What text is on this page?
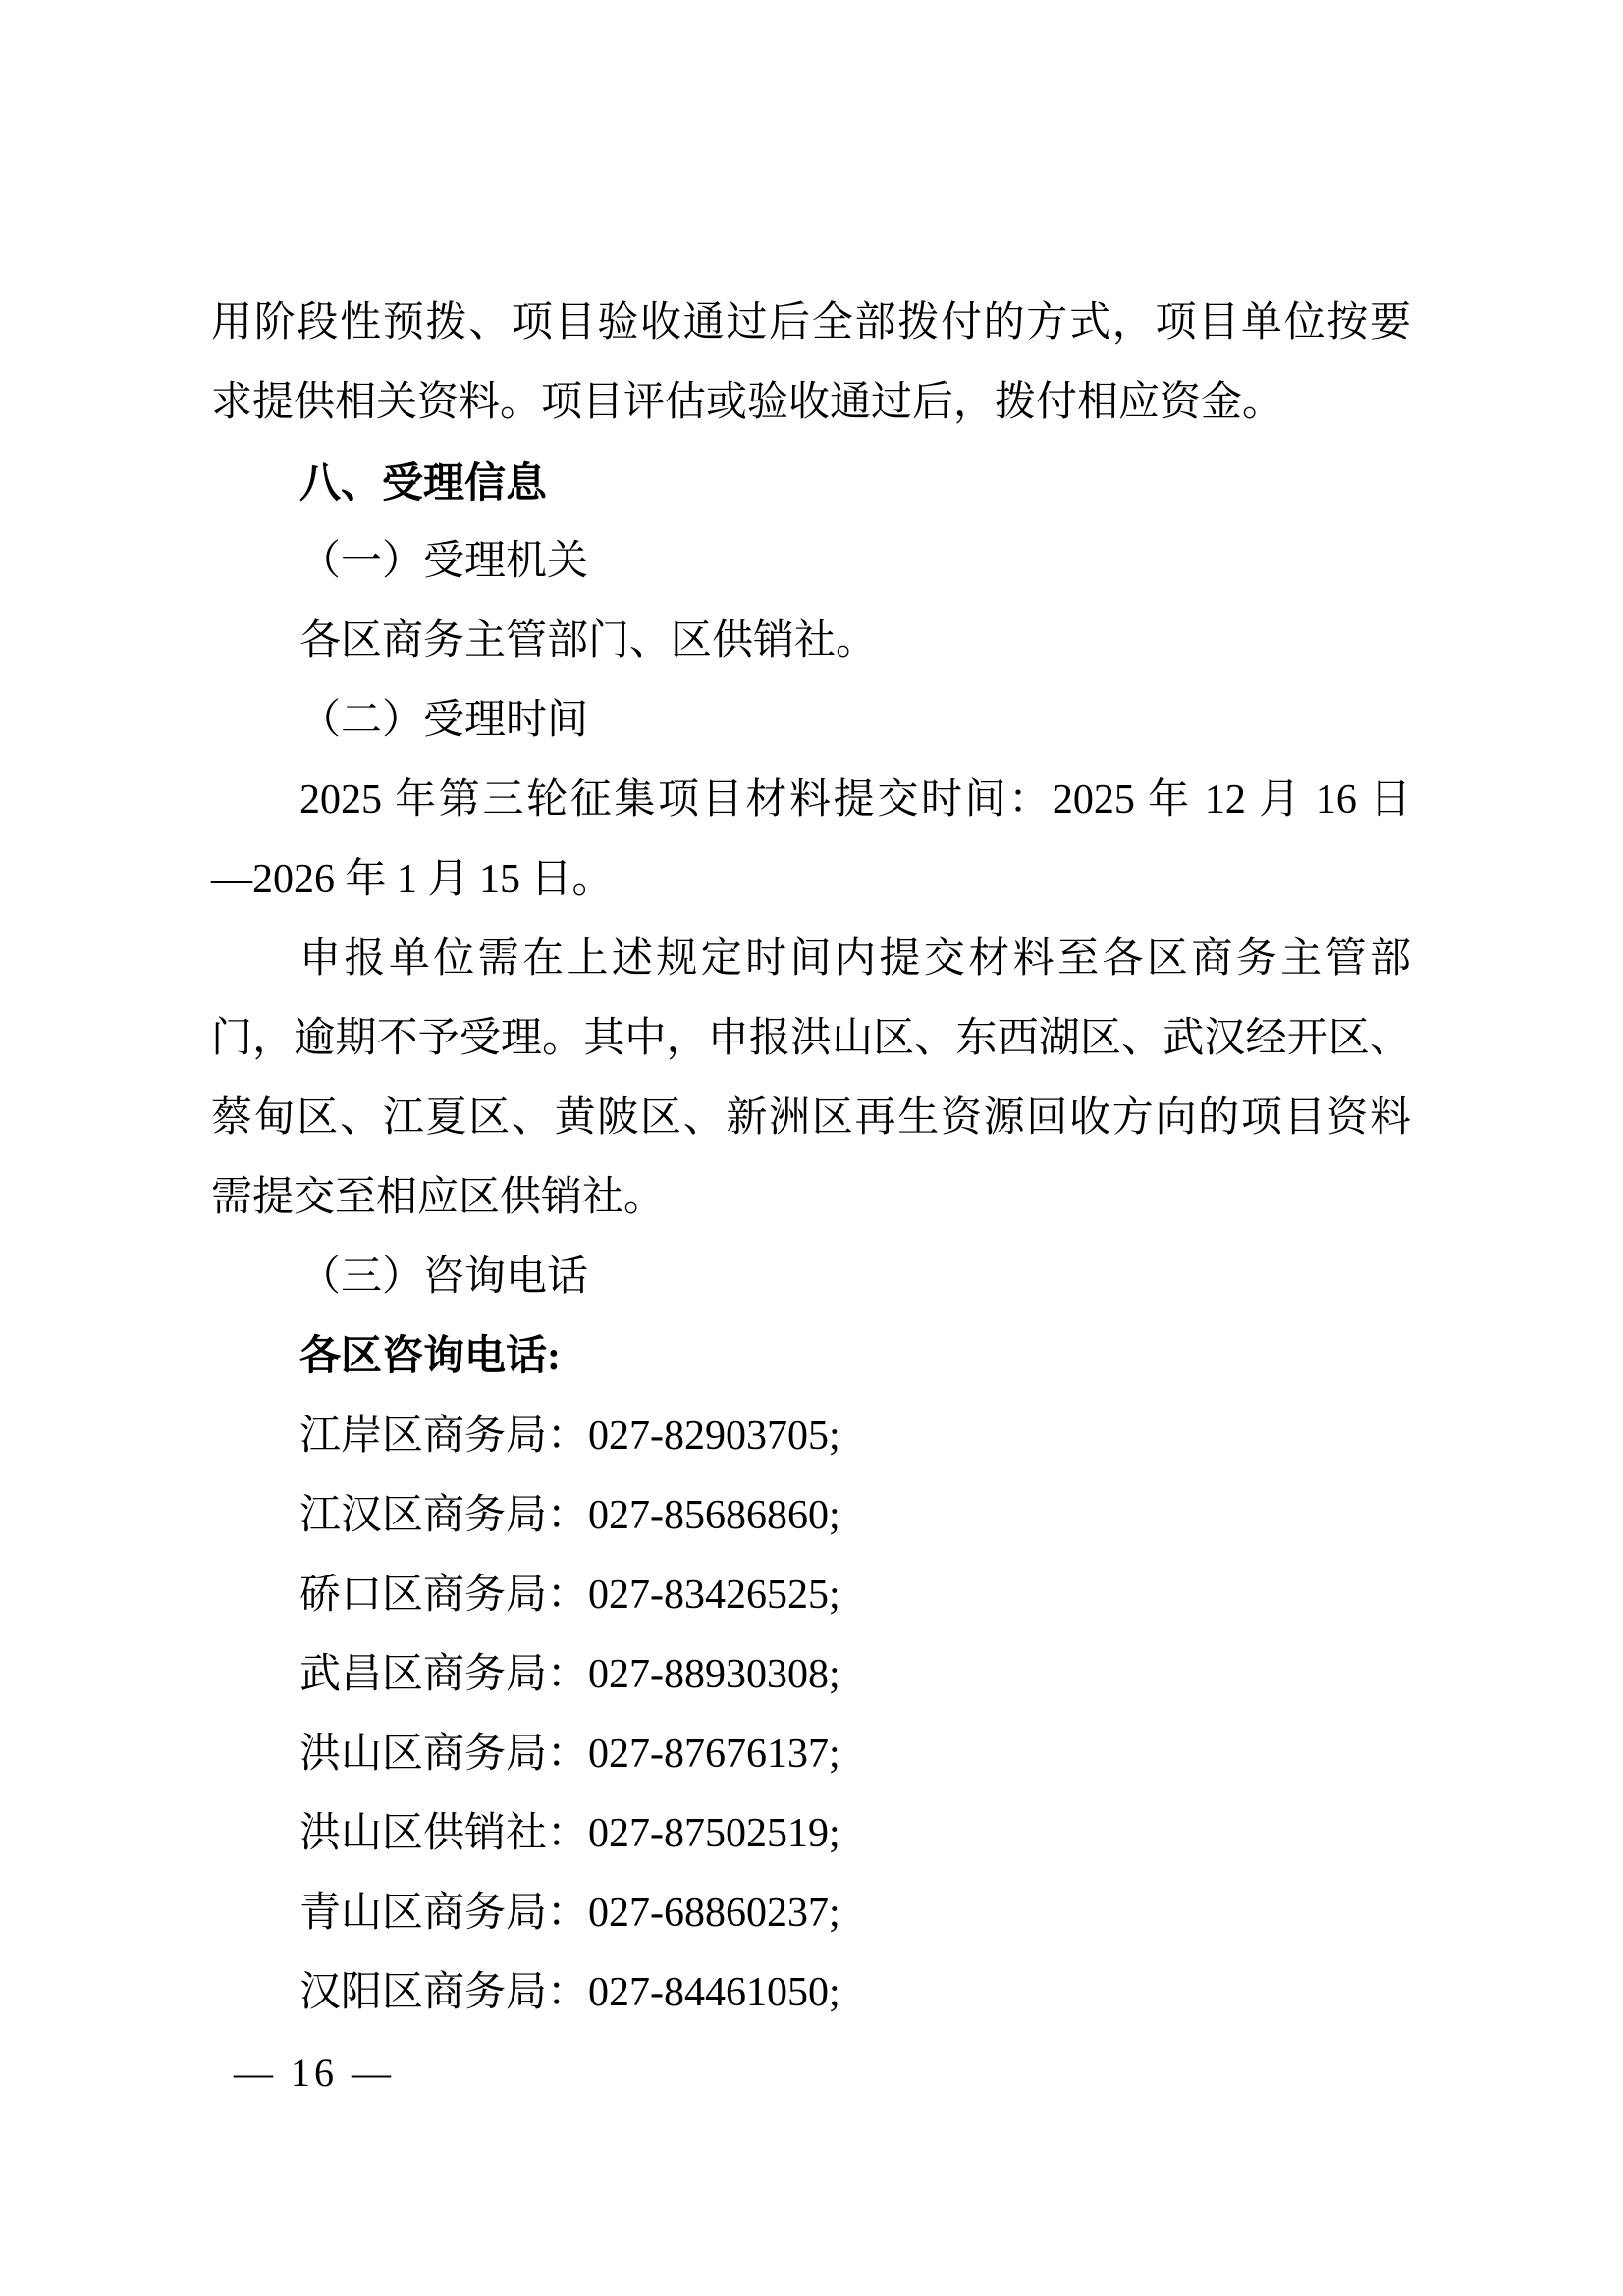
用阶段性预拨、项目验收通过后全部拨付的方式，项目单位按要
求提供相关资料。项目评估或验收通过后，拨付相应资金。
八、受理信息
（一）受理机关
各区商务主管部门、区供销社。
（二）受理时间
2025 年第三轮征集项目材料提交时间：2025 年 12 月 16 日
—2026 年 1 月 15 日。
申报单位需在上述规定时间内提交材料至各区商务主管部
门，逾期不予受理。其中，申报洪山区、东西湖区、武汉经开区、
蔡甸区、江夏区、黄陂区、新洲区再生资源回收方向的项目资料
需提交至相应区供销社。
（三）咨询电话
各区咨询电话:
江岸区商务局：027-82903705;
江汉区商务局：027-85686860;
硚口区商务局：027-83426525;
武昌区商务局：027-88930308;
洪山区商务局：027-87676137;
洪山区供销社：027-87502519;
青山区商务局：027-68860237;
汉阳区商务局：027-84461050;
— 16 —
